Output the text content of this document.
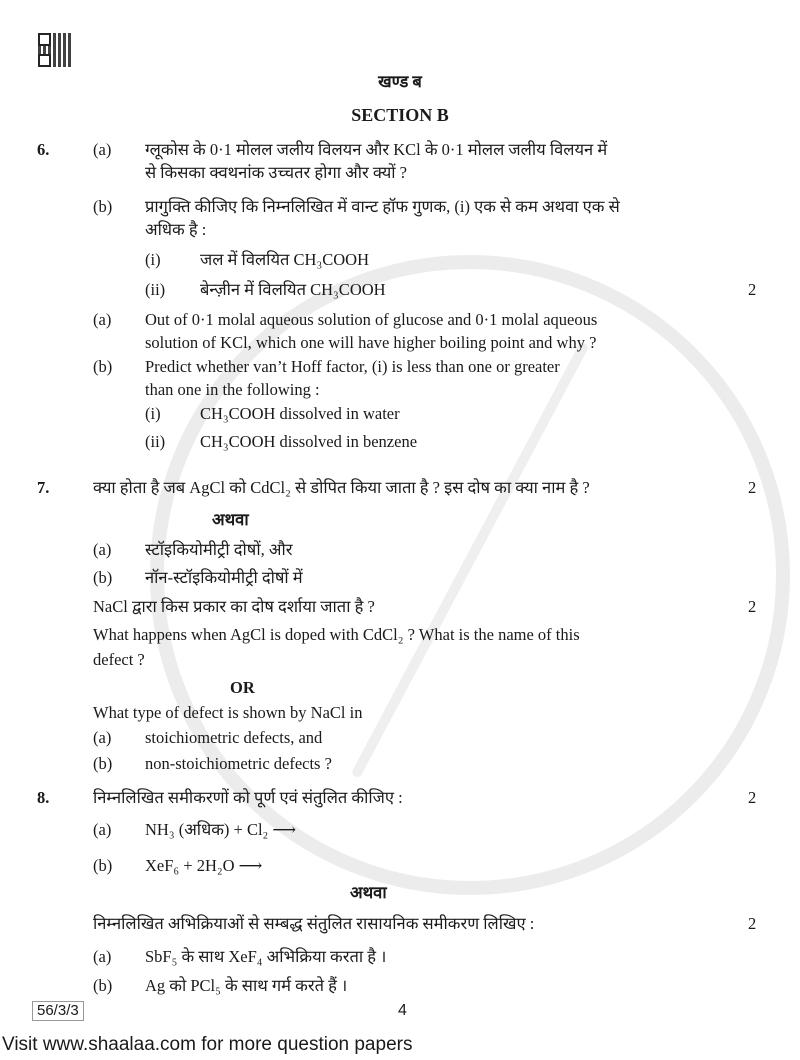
खण्ड ब
SECTION B
6.	(a) ग्लूकोस के 0·1 मोलल जलीय विलयन और KCl के 0·1 मोलल जलीय विलयन में
से किसका क्वथनांक उच्चतर होगा और क्यों ?
(b) प्रागुक्ति कीजिए कि निम्नलिखित में वान्ट हॉफ गुणक, (i) एक से कम अथवा एक से
अधिक है :
(i) जल में विलयित CH₃COOH
(ii) बेन्ज़ीन में विलयित CH₃COOH	2
(a) Out of 0·1 molal aqueous solution of glucose and 0·1 molal aqueous
solution of KCl, which one will have higher boiling point and why ?
(b) Predict whether van’t Hoff factor, (i) is less than one or greater
than one in the following :
(i) CH₃COOH dissolved in water
(ii) CH₃COOH dissolved in benzene
7.	क्या होता है जब AgCl को CdCl₂ से डोपित किया जाता है ? इस दोष का क्या नाम है ?	2
अथवा
(a) स्टॉइकियोमीट्री दोषों, और
(b) नॉन-स्टॉइकियोमीट्री दोषों में
NaCl द्वारा किस प्रकार का दोष दर्शाया जाता है ?	2
What happens when AgCl is doped with CdCl₂ ? What is the name of this
defect ?
OR
What type of defect is shown by NaCl in
(a) stoichiometric defects, and
(b) non-stoichiometric defects ?
8.	निम्नलिखित समीकरणों को पूर्ण एवं संतुलित कीजिए :	2
(a) NH₃ (अधिक) + Cl₂ ⟶
(b) XeF₆ + 2H₂O ⟶
अथवा
निम्नलिखित अभिक्रियाओं से सम्बद्ध संतुलित रासायनिक समीकरण लिखिए :	2
(a) SbF₅ के साथ XeF₄ अभिक्रिया करता है ।
(b) Ag को PCl₅ के साथ गर्म करते हैं ।
56/3/3	4
Visit www.shaalaa.com for more question papers
